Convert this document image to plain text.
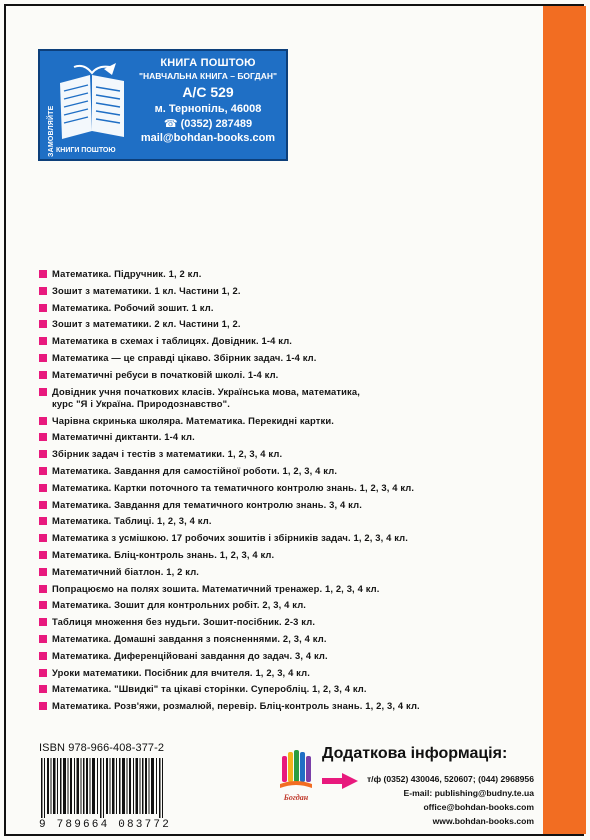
ЗАМОВЛЯЙТЕ КНИГИ ПОШТОЮ
КНИГА ПОШТОЮ
"НАВЧАЛЬНА КНИГА – БОГДАН"
А/С 529
м. Тернопіль, 46008
☎ (0352) 287489
mail@bohdan-books.com
Математика. Підручник. 1, 2 кл.
Зошит з математики. 1 кл. Частини 1, 2.
Математика. Робочий зошит. 1 кл.
Зошит з математики. 2 кл. Частини 1, 2.
Математика в схемах і таблицях. Довідник. 1-4 кл.
Математика — це справді цікаво. Збірник задач. 1-4 кл.
Математичні ребуси в початковій школі. 1-4 кл.
Довідник учня початкових класів. Українська мова, математика,
курс "Я і Україна. Природознавство".
Чарівна скринька школяра. Математика. Перекидні картки.
Математичні диктанти. 1-4 кл.
Збірник задач і тестів з математики. 1, 2, 3, 4 кл.
Математика. Завдання для самостійної роботи. 1, 2, 3, 4 кл.
Математика. Картки поточного та тематичного контролю знань. 1, 2, 3, 4 кл.
Математика. Завдання для тематичного контролю знань. 3, 4 кл.
Математика. Таблиці. 1, 2, 3, 4 кл.
Математика з усмішкою. 17 робочих зошитів і збірників задач. 1, 2, 3, 4 кл.
Математика. Бліц-контроль знань. 1, 2, 3, 4 кл.
Математичний біатлон. 1, 2 кл.
Попрацюємо на полях зошита. Математичний тренажер. 1, 2, 3, 4 кл.
Математика. Зошит для контрольних робіт. 2, 3, 4 кл.
Таблиця множення без нудьги. Зошит-посібник. 2-3 кл.
Математика. Домашні завдання з поясненнями. 2, 3, 4 кл.
Математика. Диференційовані завдання до задач. 3, 4 кл.
Уроки математики. Посібник для вчителя. 1, 2, 3, 4 кл.
Математика. "Швидкі" та цікаві сторінки. Суперобліц. 1, 2, 3, 4 кл.
Математика. Розв'яжи, розмалюй, перевір. Бліц-контроль знань. 1, 2, 3, 4 кл.
ISBN 978-966-408-377-2
9 789664 083772
Богдан
Додаткова інформація:
т/ф (0352) 430046, 520607; (044) 2968956
E-mail: publishing@budny.te.ua
office@bohdan-books.com
www.bohdan-books.com
